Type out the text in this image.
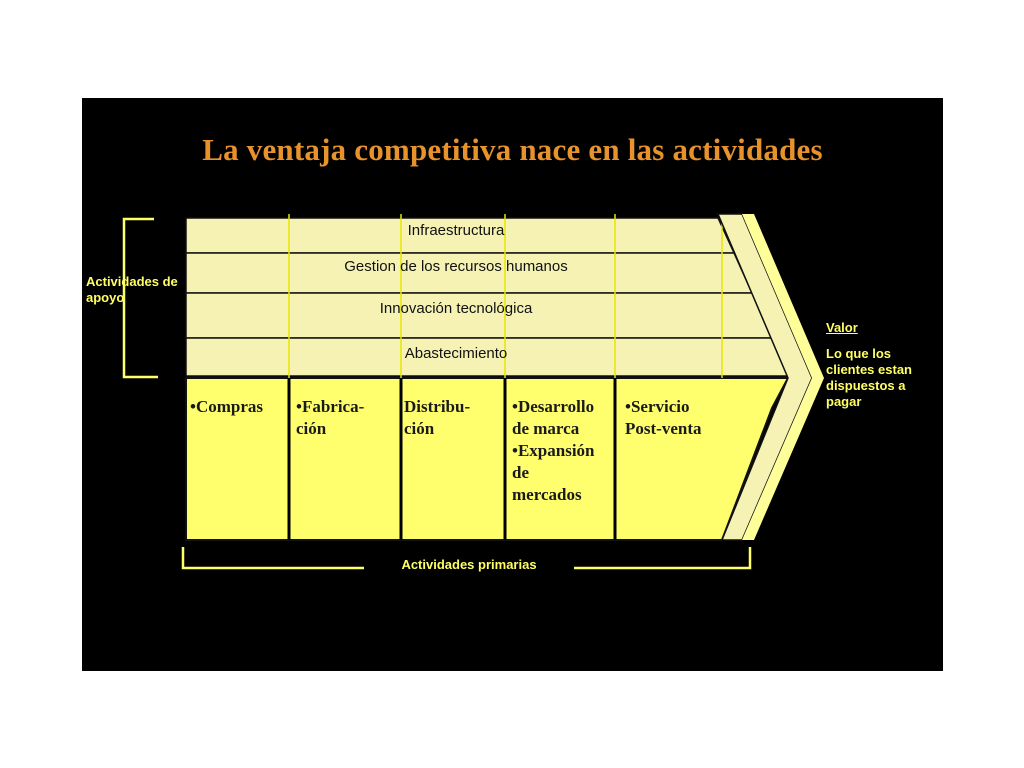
La ventaja competitiva nace en las actividades
Infraestructura
Gestion de los recursos humanos
Innovación tecnológica
Abastecimiento
•Compras •Fabrica-
ción
Distribu-
ción
•Desarrollo
de marca
•Expansión
de
mercados
•Servicio
Post-venta
Actividades de apoyo
Actividades primarias
Valor
Lo que los clientes estan dispuestos a pagar
